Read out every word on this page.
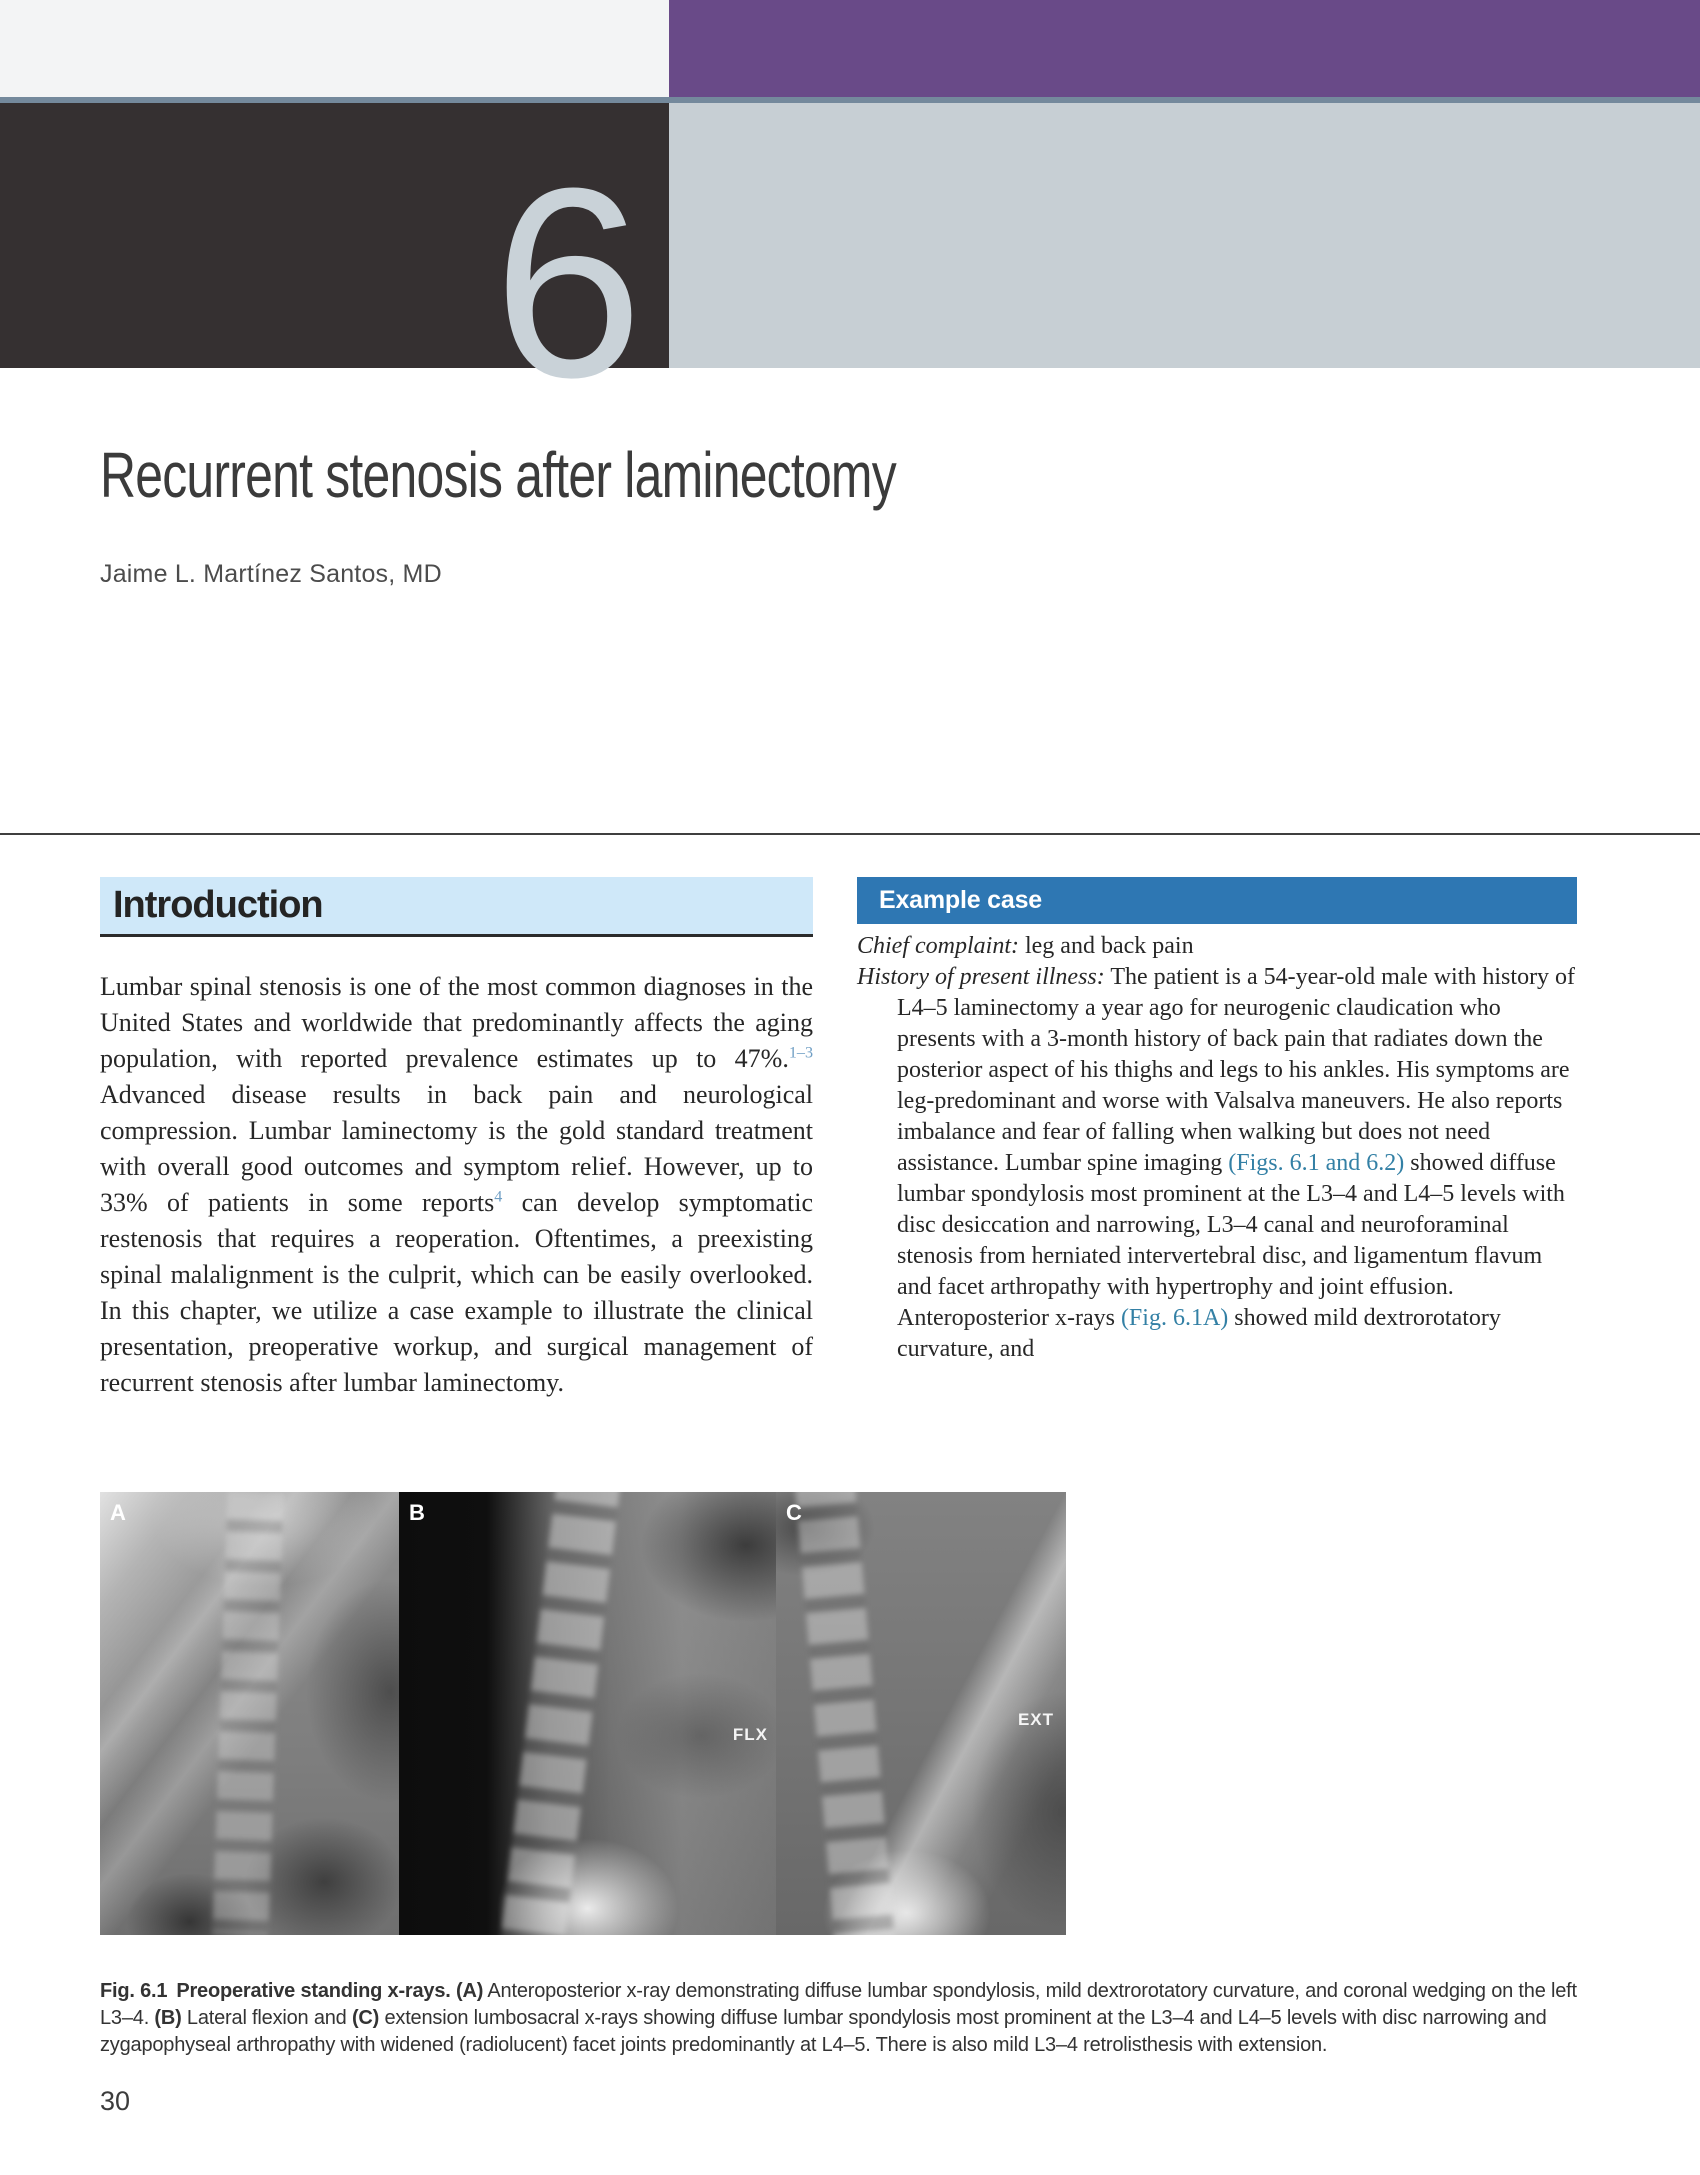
6
Recurrent stenosis after laminectomy
Jaime L. Martínez Santos, MD
Introduction

Lumbar spinal stenosis is one of the most common diagnoses in the United States and worldwide that predominantly affects the aging population, with reported prevalence estimates up to 47%.$^{1-3}$ Advanced disease results in back pain and neurological compression. Lumbar laminectomy is the gold standard treatment with overall good outcomes and symptom relief. However, up to 33% of patients in some reports$^4$ can develop symptomatic restenosis that requires a reoperation. Oftentimes, a preexisting spinal malalignment is the culprit, which can be easily overlooked. In this chapter, we utilize a case example to illustrate the clinical presentation, preoperative workup, and surgical management of recurrent stenosis after lumbar laminectomy.

Example case

Chief complaint: leg and back pain

History of present illness: The patient is a 54-year-old male with history of L4–5 laminectomy a year ago for neurogenic claudication who presents with a 3-month history of back pain that radiates down the posterior aspect of his thighs and legs to his ankles. His symptoms are leg-predominant and worse with Valsalva maneuvers. He also reports imbalance and fear of falling when walking but does not need assistance. Lumbar spine imaging (Figs. 6.1 and 6.2) showed diffuse lumbar spondylosis most prominent at the L3–4 and L4–5 levels with disc desiccation and narrowing, L3–4 canal and neuroforaminal stenosis from herniated intervertebral disc, and ligamentum flavum and facet arthropathy with hypertrophy and joint effusion. Anteroposterior x-rays (Fig. 6.1A) showed mild dextrorotatory curvature, and

A	B
FLX
C
EXT

Fig. 6.1 Preoperative standing x-rays. (A) Anteroposterior x-ray demonstrating diffuse lumbar spondylosis, mild dextrorotatory curvature, and coronal wedging on the left L3–4. (B) Lateral flexion and (C) extension lumbosacral x-rays showing diffuse lumbar spondylosis most prominent at the L3–4 and L4–5 levels with disc narrowing and zygapophyseal arthropathy with widened (radiolucent) facet joints predominantly at L4–5. There is also mild L3–4 retrolisthesis with extension.

30
